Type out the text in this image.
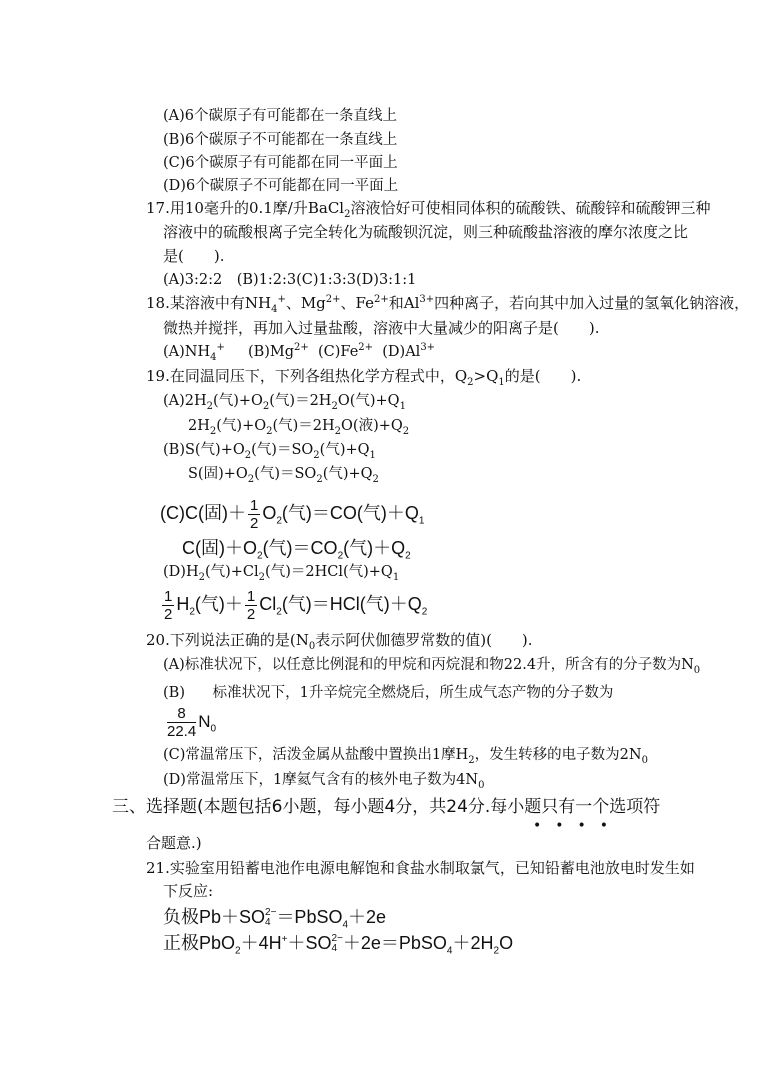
(A)6个碳原子有可能都在一条直线上
(B)6个碳原子不可能都在一条直线上
(C)6个碳原子有可能都在同一平面上
(D)6个碳原子不可能都在同一平面上
17.用10毫升的0.1摩/升BaCl$_2$溶液恰好可使相同体积的硫酸铁、硫酸锌和硫酸钾三种
溶液中的硫酸根离子完全转化为硫酸钡沉淀，则三种硫酸盐溶液的摩尔浓度之比
是(　　).
(A)3:2:2　(B)1:2:3(C)1:3:3(D)3:1:1
18.某溶液中有$NH_4^+$、$Mg^{2+}$、$Fe^{2+}$和$Al^{3+}$四种离子，若向其中加入过量的氢氧化钠溶液，
微热并搅拌，再加入过量盐酸，溶液中大量减少的阳离子是(　　).
$(A)NH_4^+$ $(B)Mg^{2+}$ $(C)Fe^{2+}$ $(D)Al^{3+}$
19.在同温同压下，下列各组热化学方程式中，$Q_2>Q_1$的是(　　).
$(A)2H_2$(气)$+O_2$(气)$=2H_2O$(气)$+Q_1$
$2H_2$(气)$+O_2$(气)$=2H_2O$(液)$+Q_2$
(B)S(气)$+O_2$(气)$=SO_2$(气)$+Q_1$
S(固)$+O_2$(气)$=SO_2$(气)$+Q_2$
(C)C(固)＋ $\frac{1}{2} O_2$(气)＝CO(气)$+Q_1$
C(固)$+O_2$(气)$=CO_2$(气)$+Q_2$
$(D)H_2$(气)$+Cl_2$(气)＝2HCl(气)$+Q_1$
$\frac{1}{2} H_2$(气)＋ $\frac{1}{2} Cl_2$(气)＝HCl(气)$+Q_2$
20.下列说法正确的是($N_0$表示阿伏伽德罗常数的值)(　　).
(A)标准状况下，以任意比例混和的甲烷和丙烷混和物22.4升，所含有的分子数为$N_0$
(B) 标准状况下，1升辛烷完全燃烧后，所生成气态产物的分子数为
$\frac{8}{22.4} N_0$
(C)常温常压下，活泼金属从盐酸中置换出1摩$H_2$，发生转移的电子数为$2N_0$
(D)常温常压下，1摩氦气含有的核外电子数为$4N_0$
三、选择题(本题包括6小题，每小题4分，共24分.每小题只有一个选项符
•　•　•　•
合题意.)
21.实验室用铅蓄电池作电源电解饱和食盐水制取氯气，已知铅蓄电池放电时发生如
下反应:
负极Pb＋SO 2−
4 ＝PbSO$_4$＋2e
正极PbO$_2$＋4H+＋SO 2−
$4 +2e=PbSO_4+2H_2O$
